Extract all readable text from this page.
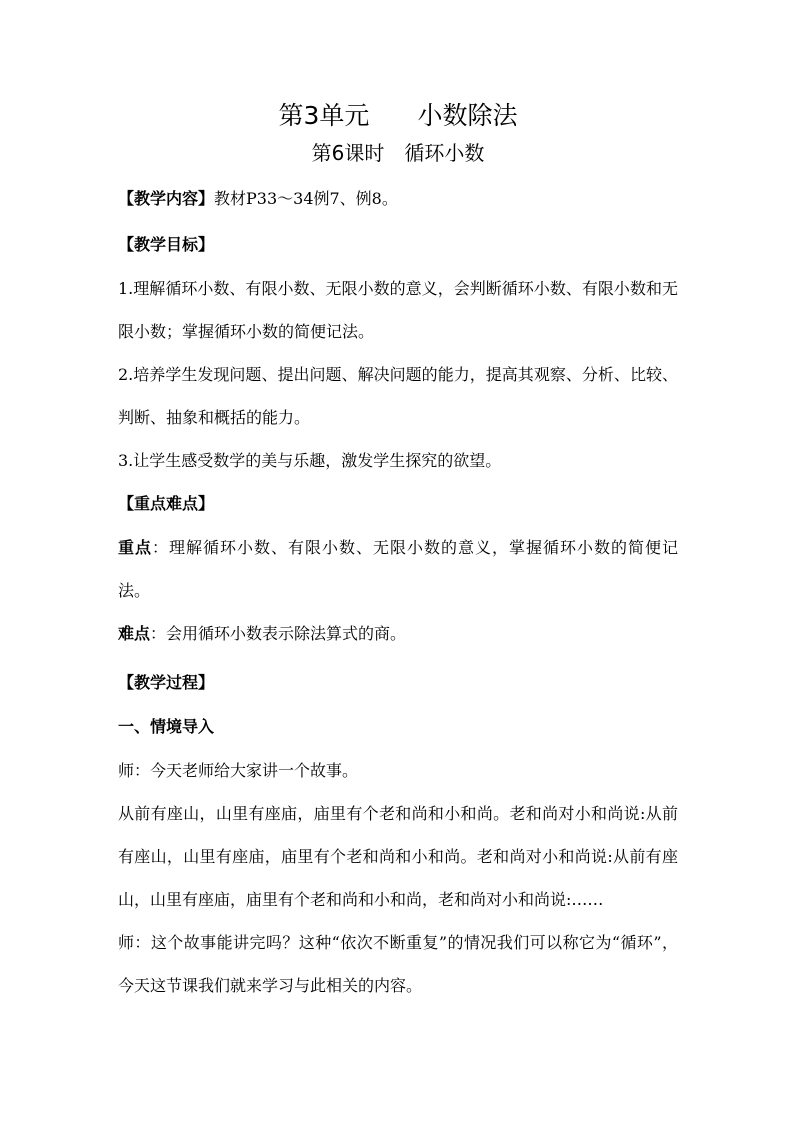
第3单元 小数除法
第6课时 循环小数

【教学内容】教材P33～34例7、例8。

【教学目标】

1.理解循环小数、有限小数、无限小数的意义，会判断循环小数、有限小数和无限小数；掌握循环小数的简便记法。

2.培养学生发现问题、提出问题、解决问题的能力，提高其观察、分析、比较、判断、抽象和概括的能力。

3.让学生感受数学的美与乐趣，激发学生探究的欲望。

【重点难点】

重点：理解循环小数、有限小数、无限小数的意义，掌握循环小数的简便记法。

难点：会用循环小数表示除法算式的商。

【教学过程】

一、情境导入

师：今天老师给大家讲一个故事。

从前有座山，山里有座庙，庙里有个老和尚和小和尚。老和尚对小和尚说:从前有座山，山里有座庙，庙里有个老和尚和小和尚。老和尚对小和尚说:从前有座山，山里有座庙，庙里有个老和尚和小和尚，老和尚对小和尚说:……

师：这个故事能讲完吗？这种“依次不断重复”的情况我们可以称它为“循环”，今天这节课我们就来学习与此相关的内容。
